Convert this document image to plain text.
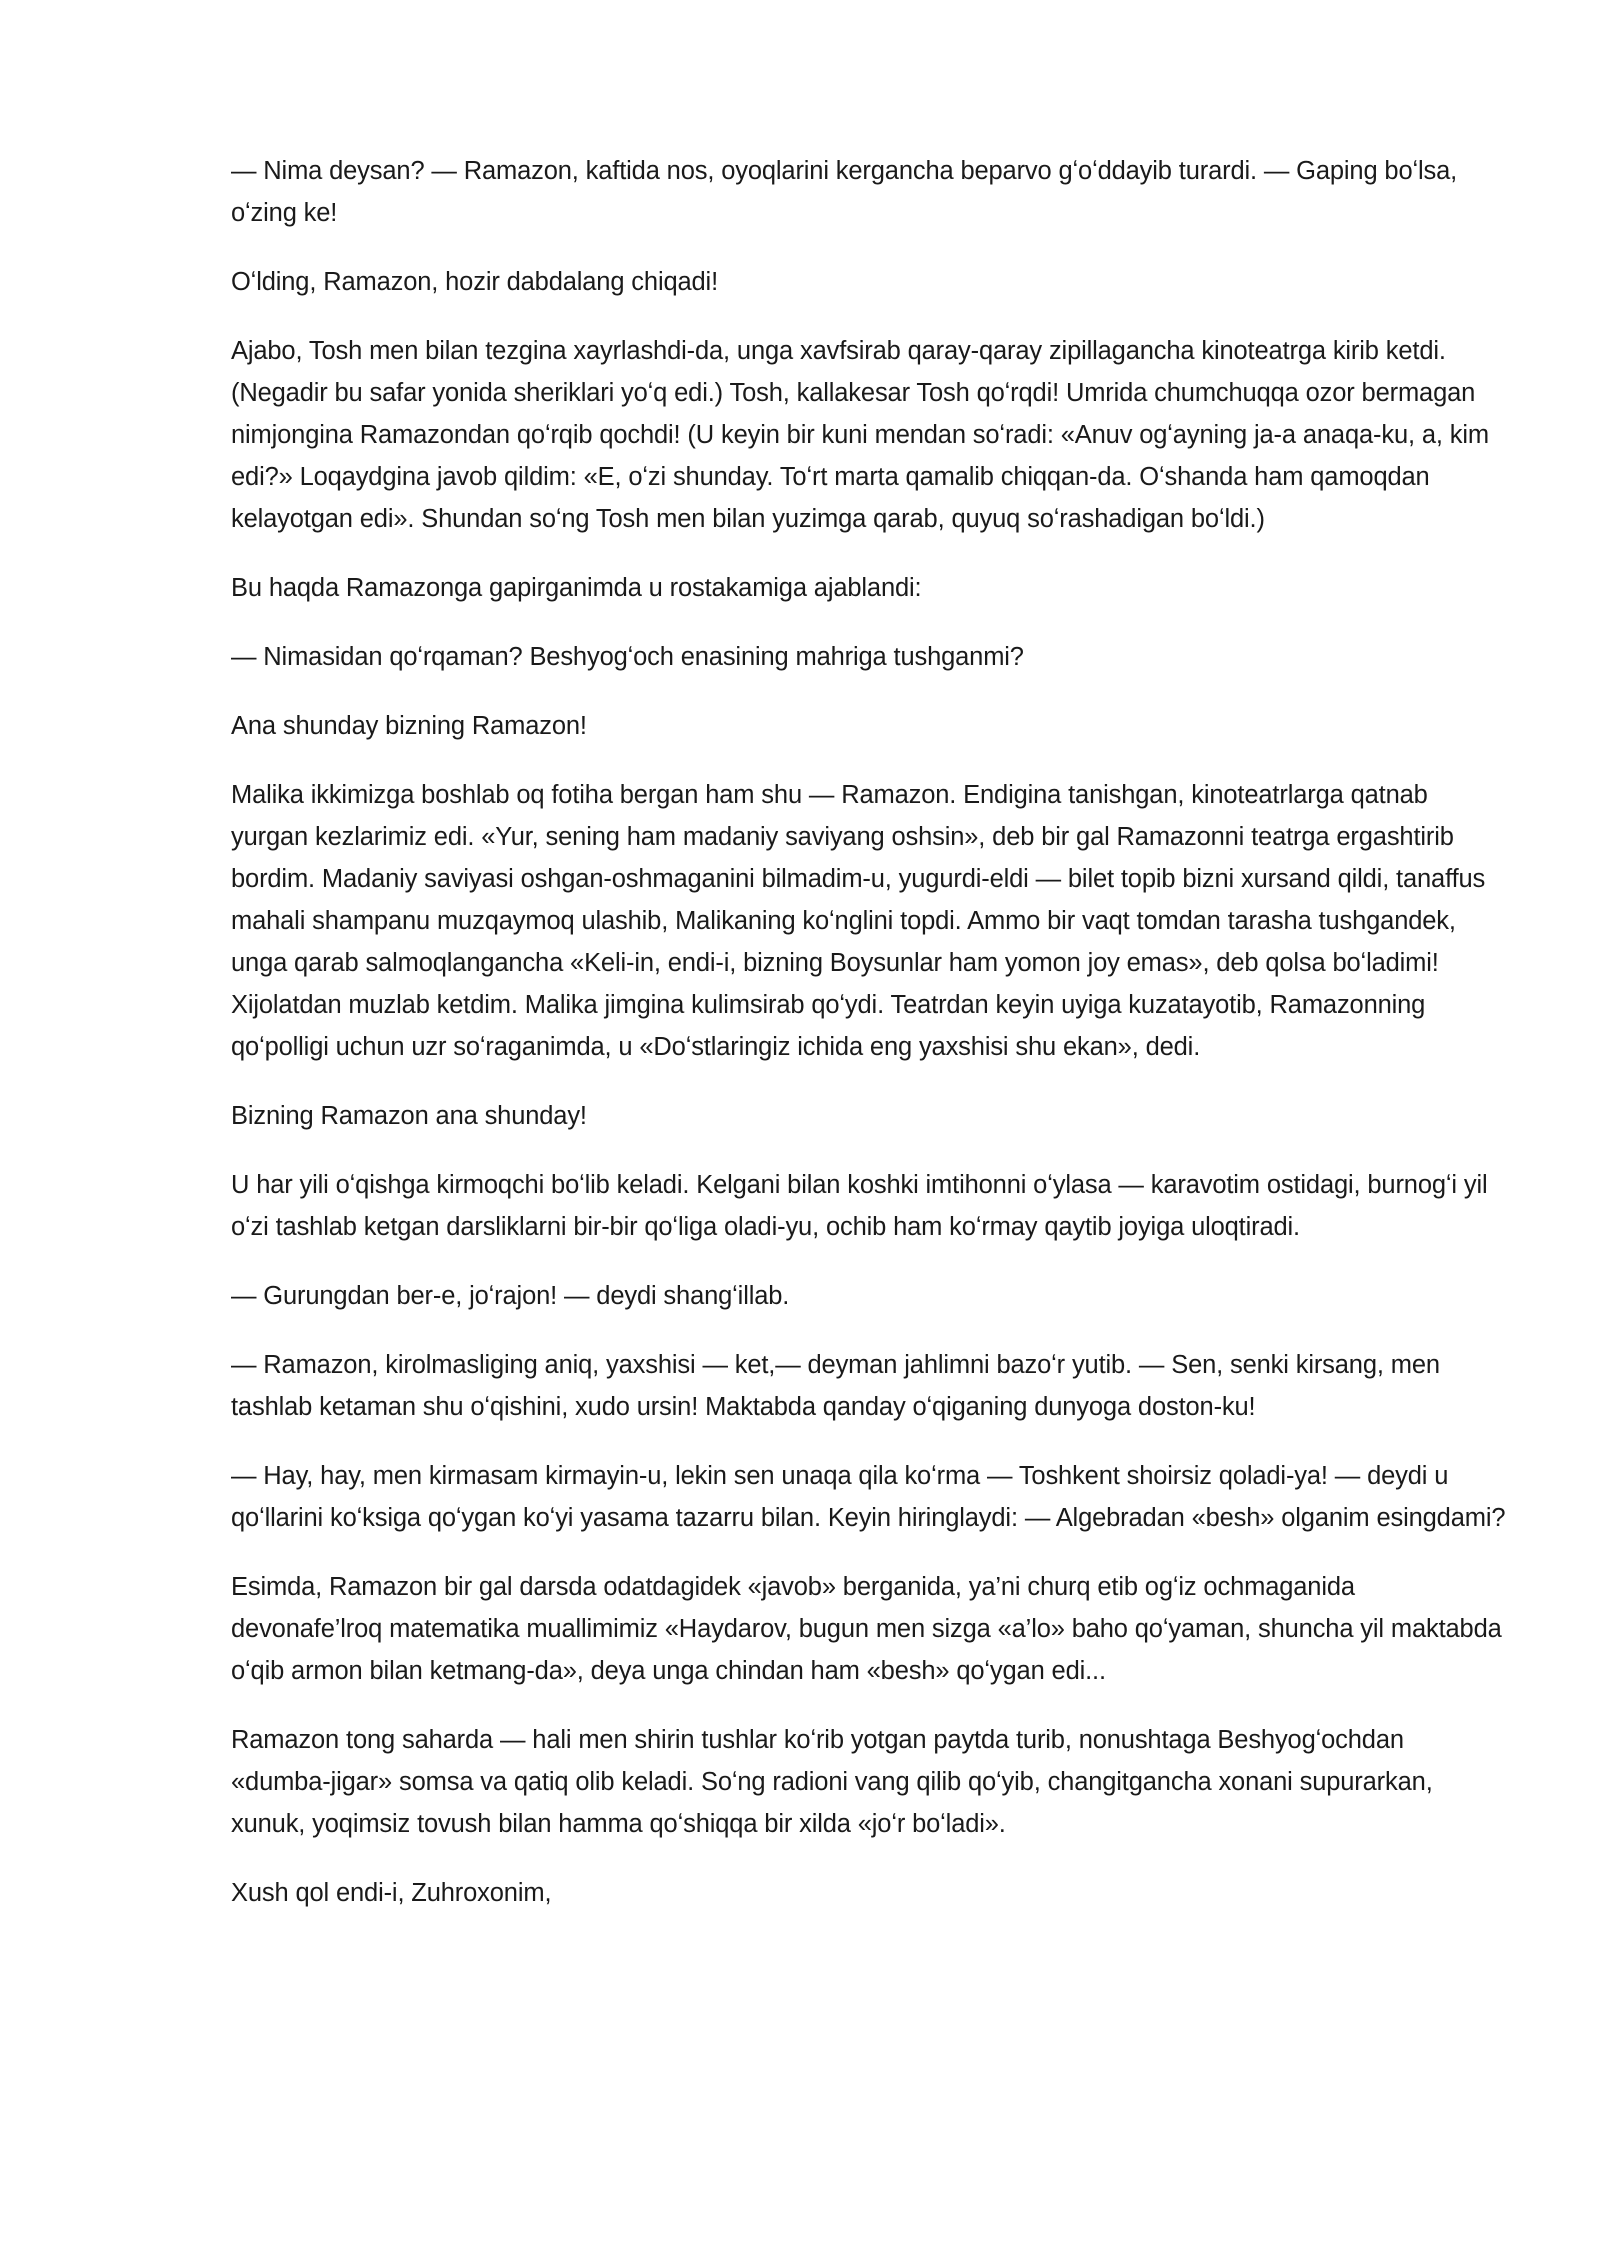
— Nima deysan? — Ramazon, kaftida nos, oyoqlarini kergancha beparvo gʻoʻddayib turardi. — Gaping boʻlsa, oʻzing ke!

Oʻlding, Ramazon, hozir dabdalang chiqadi!

Ajabo, Tosh men bilan tezgina xayrlashdi-da, unga xavfsirab qaray-qaray zipillagancha kinoteatrga kirib ketdi. (Negadir bu safar yonida sheriklari yoʻq edi.) Tosh, kallakesar Tosh qoʻrqdi! Umrida chumchuqqa ozor bermagan nimjongina Ramazondan qoʻrqib qochdi! (U keyin bir kuni mendan soʻradi: «Anuv ogʻayning ja-a anaqa-ku, a, kim edi?» Loqaydgina javob qildim: «E, oʻzi shunday. Toʻrt marta qamalib chiqqan-da. Oʻshanda ham qamoqdan kelayotgan edi». Shundan soʻng Tosh men bilan yuzimga qarab, quyuq soʻrashadigan boʻldi.)

Bu haqda Ramazonga gapirganimda u rostakamiga ajablandi:

— Nimasidan qoʻrqaman? Beshyogʻoch enasining mahriga tushganmi?

Ana shunday bizning Ramazon!

Malika ikkimizga boshlab oq fotiha bergan ham shu — Ramazon. Endigina tanishgan, kinoteatrlarga qatnab yurgan kezlarimiz edi. «Yur, sening ham madaniy saviyang oshsin», deb bir gal Ramazonni teatrga ergashtirib bordim. Madaniy saviyasi oshgan-oshmaganini bilmadim-u, yugurdi-eldi — bilet topib bizni xursand qildi, tanaffus mahali shampanu muzqaymoq ulashib, Malikaning koʻnglini topdi. Ammo bir vaqt tomdan tarasha tushgandek, unga qarab salmoqlanganch​a «Keli-in, endi-i, bizning Boysunlar ham yomon joy emas», deb qolsa boʻladimi! Xijolatdan muzlab ketdim. Malika jimgina kulimsirab qoʻydi. Teatrdan keyin uyiga kuzatayotib, Ramazonning qoʻpolligi uchun uzr soʻraganimda, u «Doʻstlaringiz ichida eng yaxshisi shu ekan», dedi.

Bizning Ramazon ana shunday!

U har yili oʻqishga kirmoqchi boʻlib keladi. Kelgani bilan koshki imtihonni oʻylasa — karavotim ostidagi, burnogʻi yil oʻzi tashlab ketgan darsliklarni bir-bir qoʻliga oladi-yu, ochib ham koʻrmay qaytib joyiga uloqtiradi.

— Gurungdan ber-e, joʻrajon! — deydi shangʻillab.

— Ramazon, kirolmasliging aniq, yaxshisi — ket,— deyman jahlimni bazoʻr yutib. — Sen, senki kirsang, men tashlab ketaman shu oʻqishini, xudo ursin! Maktabda qanday oʻqiganing dunyoga doston-ku!

— Hay, hay, men kirmasam kirmayin-u, lekin sen unaqa qila koʻrma — Toshkent shoirsiz qoladi-ya! — deydi u qoʻllarini koʻksiga qoʻygan koʻyi yasama tazarru bilan. Keyin hiringlaydi: — Algebradan «besh» olganim esingdami?

Esimda, Ramazon bir gal darsda odatdagidek «javob» berganida, ya’ni churq etib ogʻiz ochmaganida devonafe’lroq matematika muallimimiz «Haydarov, bugun men sizga «a’lo» baho qoʻyaman, shuncha yil maktabda oʻqib armon bilan ketmang-da», deya unga chindan ham «besh» qoʻygan edi...

Ramazon tong saharda — hali men shirin tushlar koʻrib yotgan paytda turib, nonushtaga Beshyogʻochdan «dumba-jigar» somsa va qatiq olib keladi. Soʻng radioni vang qilib qoʻyib, changitgancha xonani supurarkan, xunuk, yoqimsiz tovush bilan hamma qoʻshiqqa bir xilda «joʻr boʻladi».

Xush qol endi-i, Zuhroxonim,
